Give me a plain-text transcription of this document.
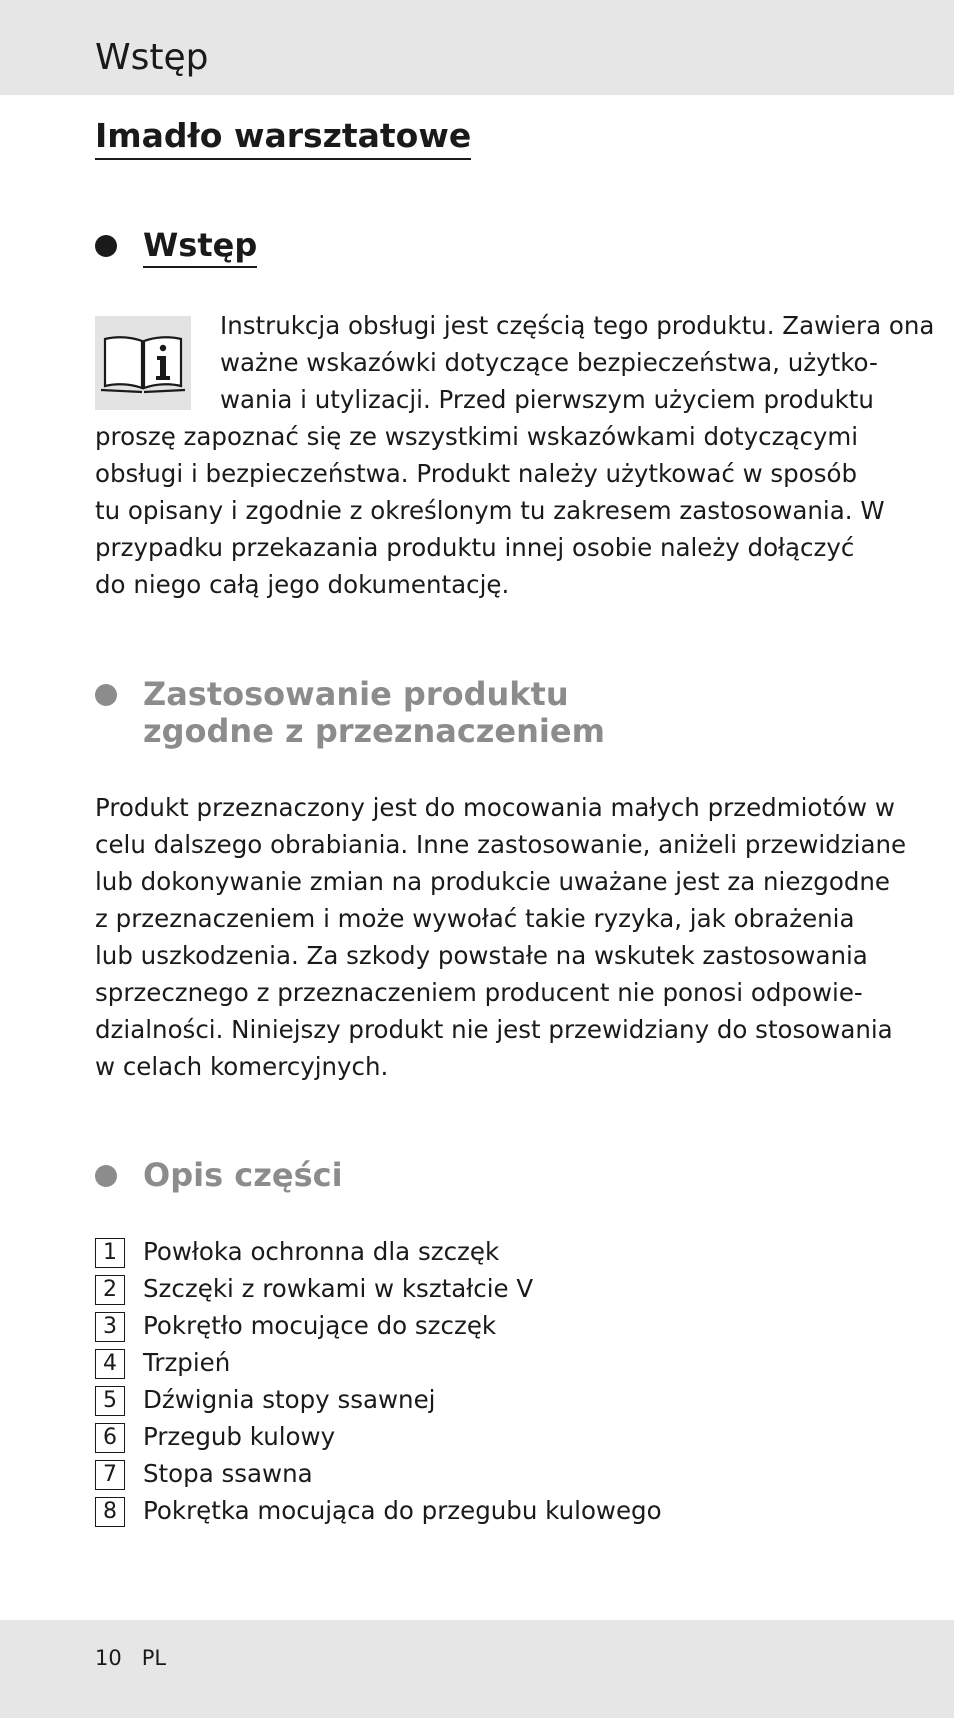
Wstęp
Imadło warsztatowe
Wstęp
Instrukcja obsługi jest częścią tego produktu. Zawiera ona
ważne wskazówki dotyczące bezpieczeństwa, użytko-
wania i utylizacji. Przed pierwszym użyciem produktu
proszę zapoznać się ze wszystkimi wskazówkami dotyczącymi
obsługi i bezpieczeństwa. Produkt należy użytkować w sposób
tu opisany i zgodnie z określonym tu zakresem zastosowania. W
przypadku przekazania produktu innej osobie należy dołączyć
do niego całą jego dokumentację.
Zastosowanie produktu
zgodne z przeznaczeniem
Produkt przeznaczony jest do mocowania małych przedmiotów w
celu dalszego obrabiania. Inne zastosowanie, aniżeli przewidziane
lub dokonywanie zmian na produkcie uważane jest za niezgodne
z przeznaczeniem i może wywołać takie ryzyka, jak obrażenia
lub uszkodzenia. Za szkody powstałe na wskutek zastosowania
sprzecznego z przeznaczeniem producent nie ponosi odpowie-
dzialności. Niniejszy produkt nie jest przewidziany do stosowania
w celach komercyjnych.
Opis części
1	Powłoka ochronna dla szczęk
2	Szczęki z rowkami w kształcie V
3	Pokrętło mocujące do szczęk
4	Trzpień
5	Dźwignia stopy ssawnej
6	Przegub kulowy
7	Stopa ssawna
8	Pokrętka mocująca do przegubu kulowego
10 PL
